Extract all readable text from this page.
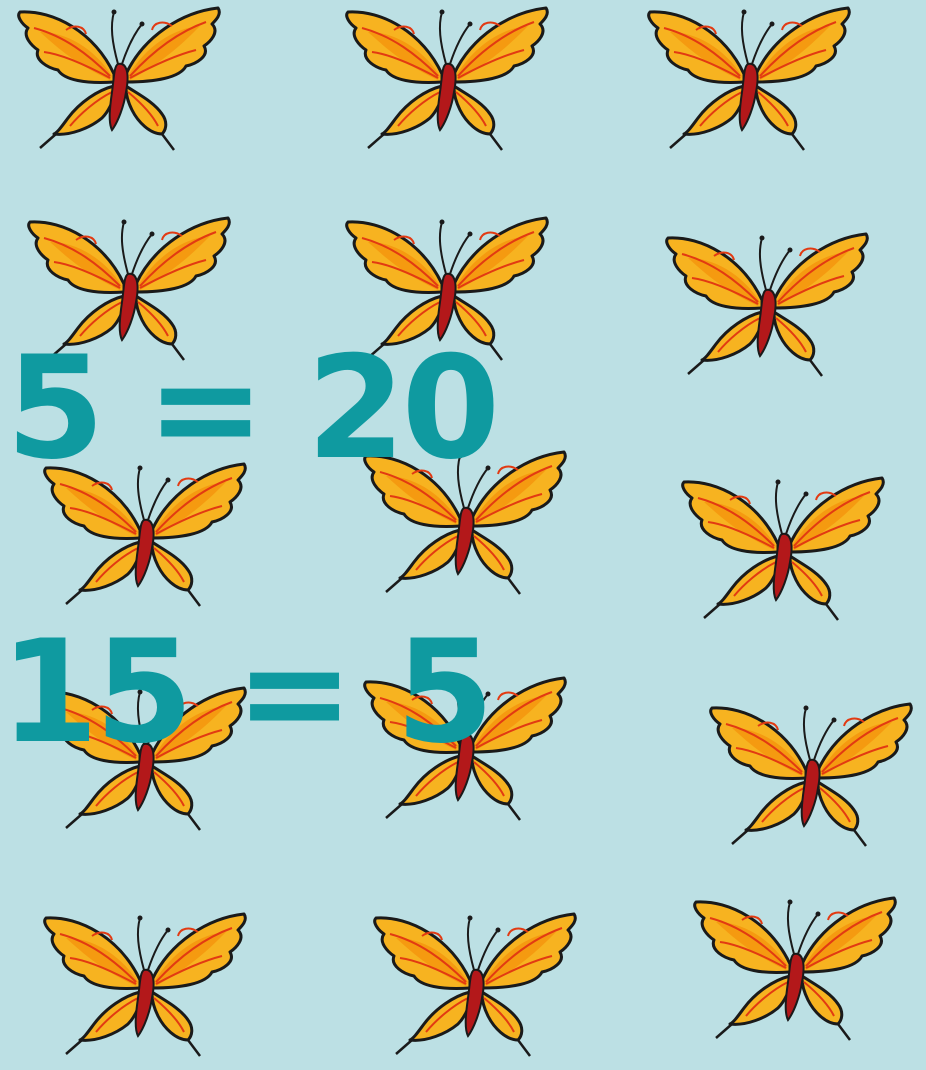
5 = 20
15 = 5
